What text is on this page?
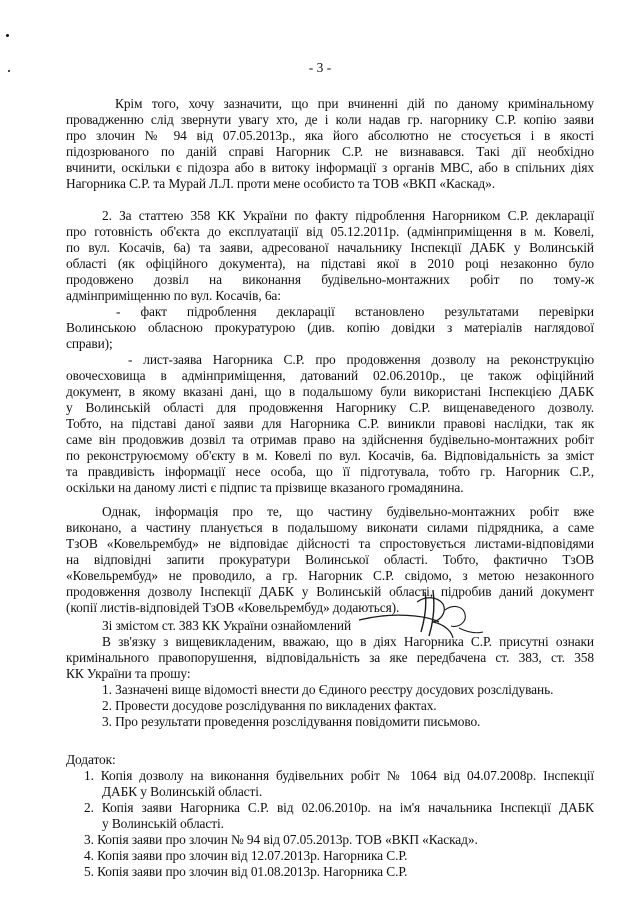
- 3 -
Крім того, хочу зазначити, що при вчиненні дій по даному кримінальному
провадженню слід звернути увагу хто, де і коли надав гр. нагорнику С.Р. копію заяви
про злочин № 94 від 07.05.2013р., яка його абсолютно не стосується і в якості
підозрюваного по даній справі Нагорник С.Р. не визнавався. Такі дії необхідно
вчинити, оскільки є підозра або в витоку інформації з органів МВС, або в спільних діях
Нагорника С.Р. та Мурай Л.Л. проти мене особисто та ТОВ «ВКП «Каскад».
2. За статтею 358 КК України по факту підроблення Нагорником С.Р. декларації
про готовність об'єкта до експлуатації від 05.12.2011р. (адмінприміщення в м. Ковелі,
по вул. Косачів, 6а) та заяви, адресованої начальнику Інспекції ДАБК у Волинській
області (як офіційного документа), на підставі якої в 2010 році незаконно було
продовжено дозвіл на виконання будівельно-монтажних робіт по тому-ж
адмінприміщенню по вул. Косачів, 6а:
- факт підроблення декларації встановлено результатами перевірки
Волинською обласною прокуратурою (див. копію довідки з матеріалів наглядової
справи);
- лист-заява Нагорника С.Р. про продовження дозволу на реконструкцію
овочесховища в адмінприміщення, датований 02.06.2010р., це також офіційний
документ, в якому вказані дані, що в подальшому були використані Інспекцією ДАБК
у Волинській області для продовження Нагорнику С.Р. вищенаведеного дозволу.
Тобто, на підставі даної заяви для Нагорника С.Р. виникли правові наслідки, так як
саме він продовжив дозвіл та отримав право на здійснення будівельно-монтажних робіт
по реконструюємому об'єкту в м. Ковелі по вул. Косачів, 6а. Відповідальність за зміст
та правдивість інформації несе особа, що її підготувала, тобто гр. Нагорник С.Р.,
оскільки на даному листі є підпис та прізвище вказаного громадянина.
Однак, інформація про те, що частину будівельно-монтажних робіт вже
виконано, а частину планується в подальшому виконати силами підрядника, а саме
ТзОВ «Ковельрембуд» не відповідає дійсності та спростовується листами-відповідями
на відповідні запити прокуратури Волинської області. Тобто, фактично ТзОВ
«Ковельрембуд» не проводило, а гр. Нагорник С.Р. свідомо, з метою незаконного
продовження дозволу Інспекції ДАБК у Волинській області, підробив даний документ
(копії листів-відповідей ТзОВ «Ковельрембуд» додаються).
Зі змістом ст. 383 КК України ознайомлений
В зв'язку з вищевикладеним, вважаю, що в діях Нагорника С.Р. присутні ознаки
кримінального правопорушення, відповідальність за яке передбачена ст. 383, ст. 358
КК України та прошу:
1. Зазначені вище відомості внести до Єдиного реєстру досудових розслідувань.
2. Провести досудове розслідування по викладених фактах.
3. Про результати проведення розслідування повідомити письмово.
Додаток:
1. Копія дозволу на виконання будівельних робіт № 1064 від 04.07.2008р. Інспекції
ДАБК у Волинській області.
2. Копія заяви Нагорника С.Р. від 02.06.2010р. на ім'я начальника Інспекції ДАБК
у Волинській області.
3. Копія заяви про злочин № 94 від 07.05.2013р. ТОВ «ВКП «Каскад».
4. Копія заяви про злочин від 12.07.2013р. Нагорника С.Р.
5. Копія заяви про злочин від 01.08.2013р. Нагорника С.Р.
